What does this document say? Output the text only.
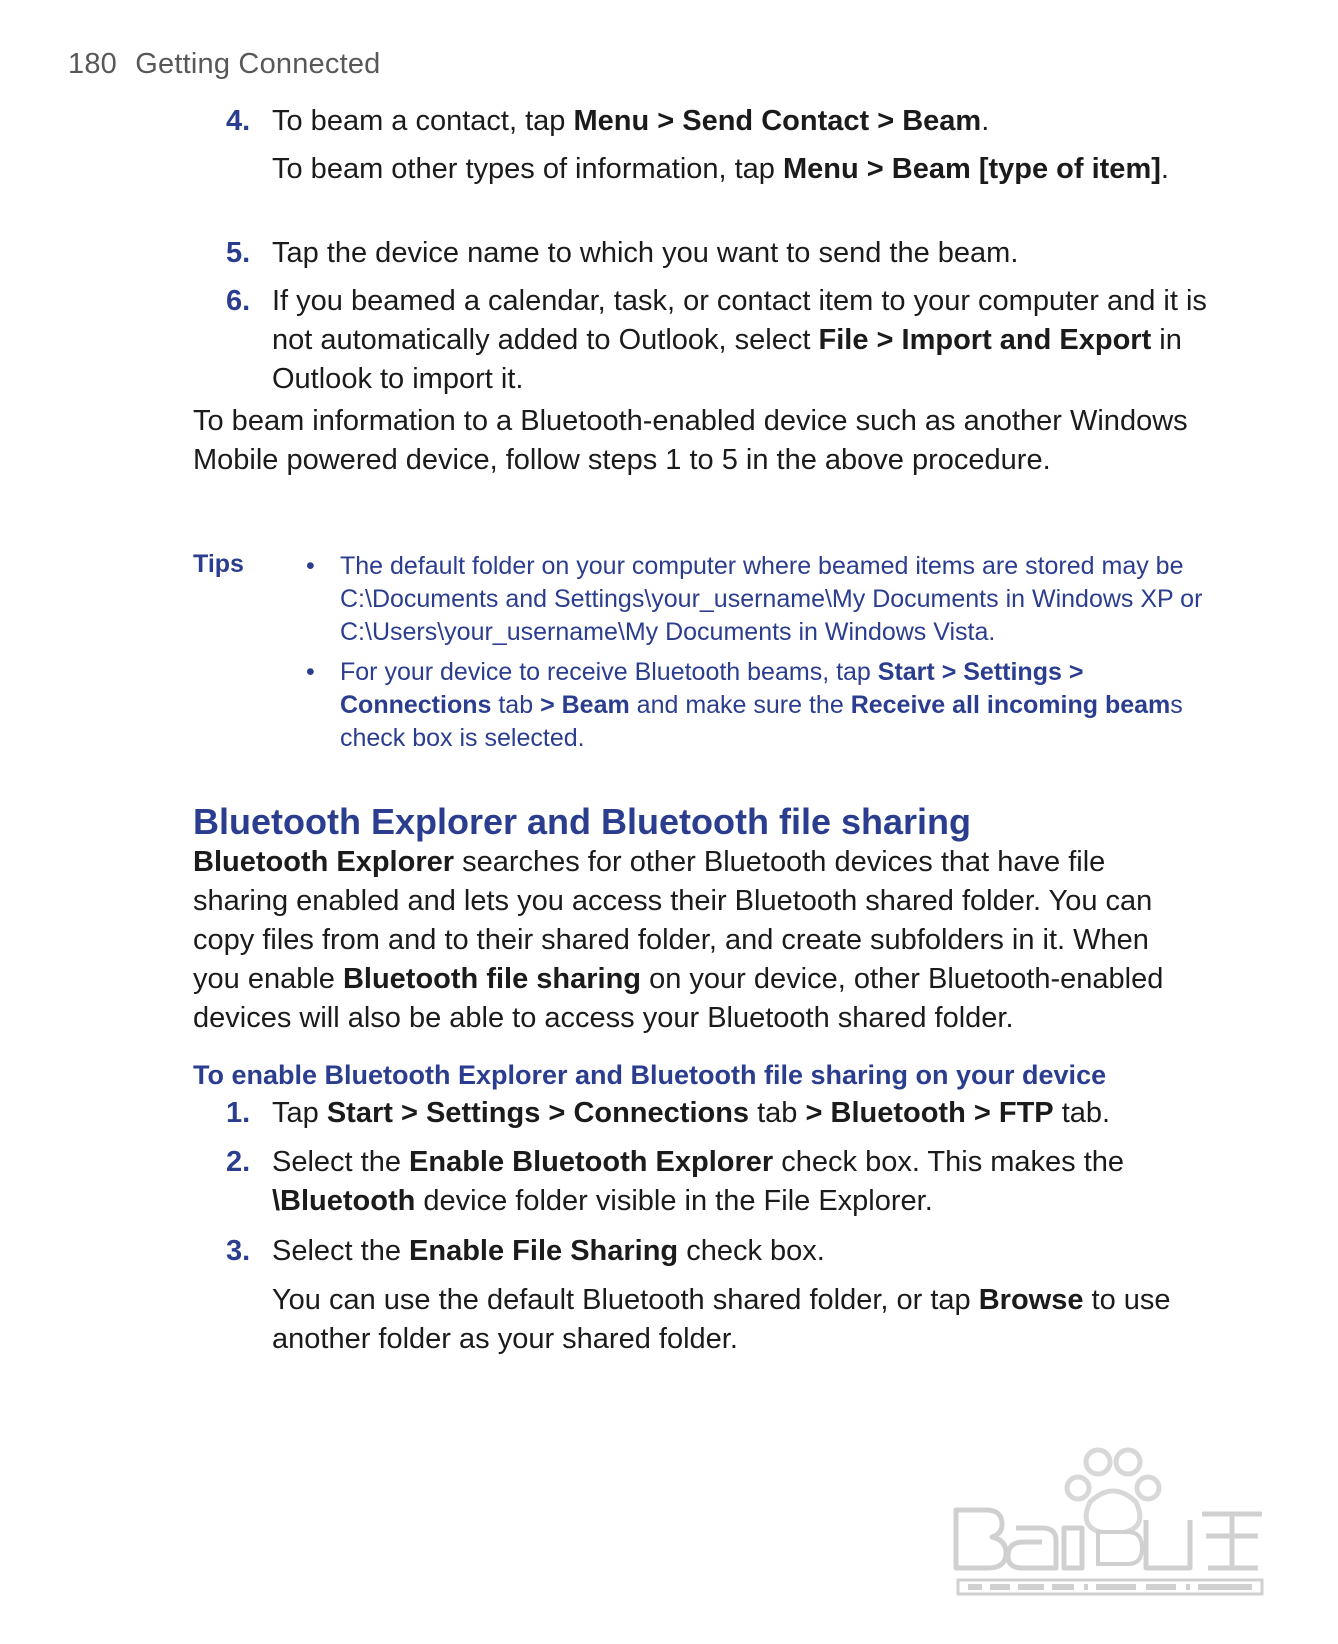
180 Getting Connected
4. To beam a contact, tap Menu > Send Contact > Beam.
To beam other types of information, tap Menu > Beam [type of item].
5. Tap the device name to which you want to send the beam.
6. If you beamed a calendar, task, or contact item to your computer and it is not automatically added to Outlook, select File > Import and Export in Outlook to import it.
To beam information to a Bluetooth-enabled device such as another Windows Mobile powered device, follow steps 1 to 5 in the above procedure.
Tips • The default folder on your computer where beamed items are stored may be C:\Documents and Settings\your_username\My Documents in Windows XP or C:\Users\your_username\My Documents in Windows Vista.
• For your device to receive Bluetooth beams, tap Start > Settings > Connections tab > Beam and make sure the Receive all incoming beams check box is selected.
Bluetooth Explorer and Bluetooth file sharing
Bluetooth Explorer searches for other Bluetooth devices that have file sharing enabled and lets you access their Bluetooth shared folder. You can copy files from and to their shared folder, and create subfolders in it. When you enable Bluetooth file sharing on your device, other Bluetooth-enabled devices will also be able to access your Bluetooth shared folder.
To enable Bluetooth Explorer and Bluetooth file sharing on your device
1. Tap Start > Settings > Connections tab > Bluetooth > FTP tab.
2. Select the Enable Bluetooth Explorer check box. This makes the \Bluetooth device folder visible in the File Explorer.
3. Select the Enable File Sharing check box.
You can use the default Bluetooth shared folder, or tap Browse to use another folder as your shared folder.
